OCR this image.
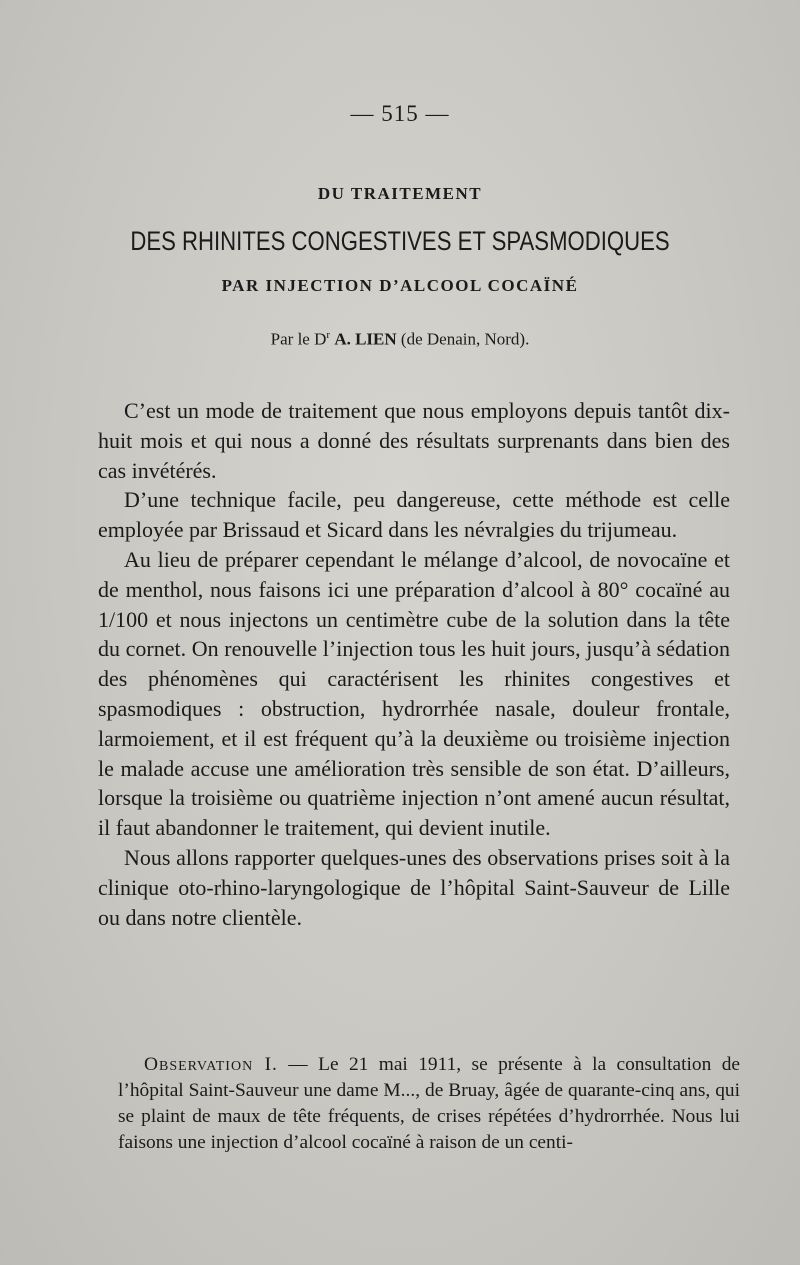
— 515 —
DU TRAITEMENT
DES RHINITES CONGESTIVES ET SPASMODIQUES
PAR INJECTION D’ALCOOL COCAÏNÉ
Par le $D^r$ A. LIEN (de Denain, Nord).

C’est un mode de traitement que nous employons depuis tantôt dix-huit mois et qui nous a donné des résultats surprenants dans bien des cas invétérés.

D’une technique facile, peu dangereuse, cette méthode est celle employée par Brissaud et Sicard dans les névralgies du trijumeau.

Au lieu de préparer cependant le mélange d’alcool, de novocaïne et de menthol, nous faisons ici une préparation d’alcool à 80° cocaïné au 1/100 et nous injectons un centimètre cube de la solution dans la tête du cornet. On renouvelle l’injection tous les huit jours, jusqu’à sédation des phénomènes qui caractérisent les rhinites congestives et spasmodiques : obstruction, hydrorrhée nasale, douleur frontale, larmoiement, et il est fréquent qu’à la deuxième ou troisième injection le malade accuse une amélioration très sensible de son état. D’ailleurs, lorsque la troisième ou quatrième injection n’ont amené aucun résultat, il faut abandonner le traitement, qui devient inutile.

Nous allons rapporter quelques-unes des observations prises soit à la clinique oto-rhino-laryngologique de l’hôpital Saint-Sauveur de Lille ou dans notre clientèle.

Observation I. — Le 21 mai 1911, se présente à la consultation de l’hôpital Saint-Sauveur une dame M..., de Bruay, âgée de quarante-cinq ans, qui se plaint de maux de tête fréquents, de crises répétées d’hydrorrhée. Nous lui faisons une injection d’alcool cocaïné à raison de un centi-
